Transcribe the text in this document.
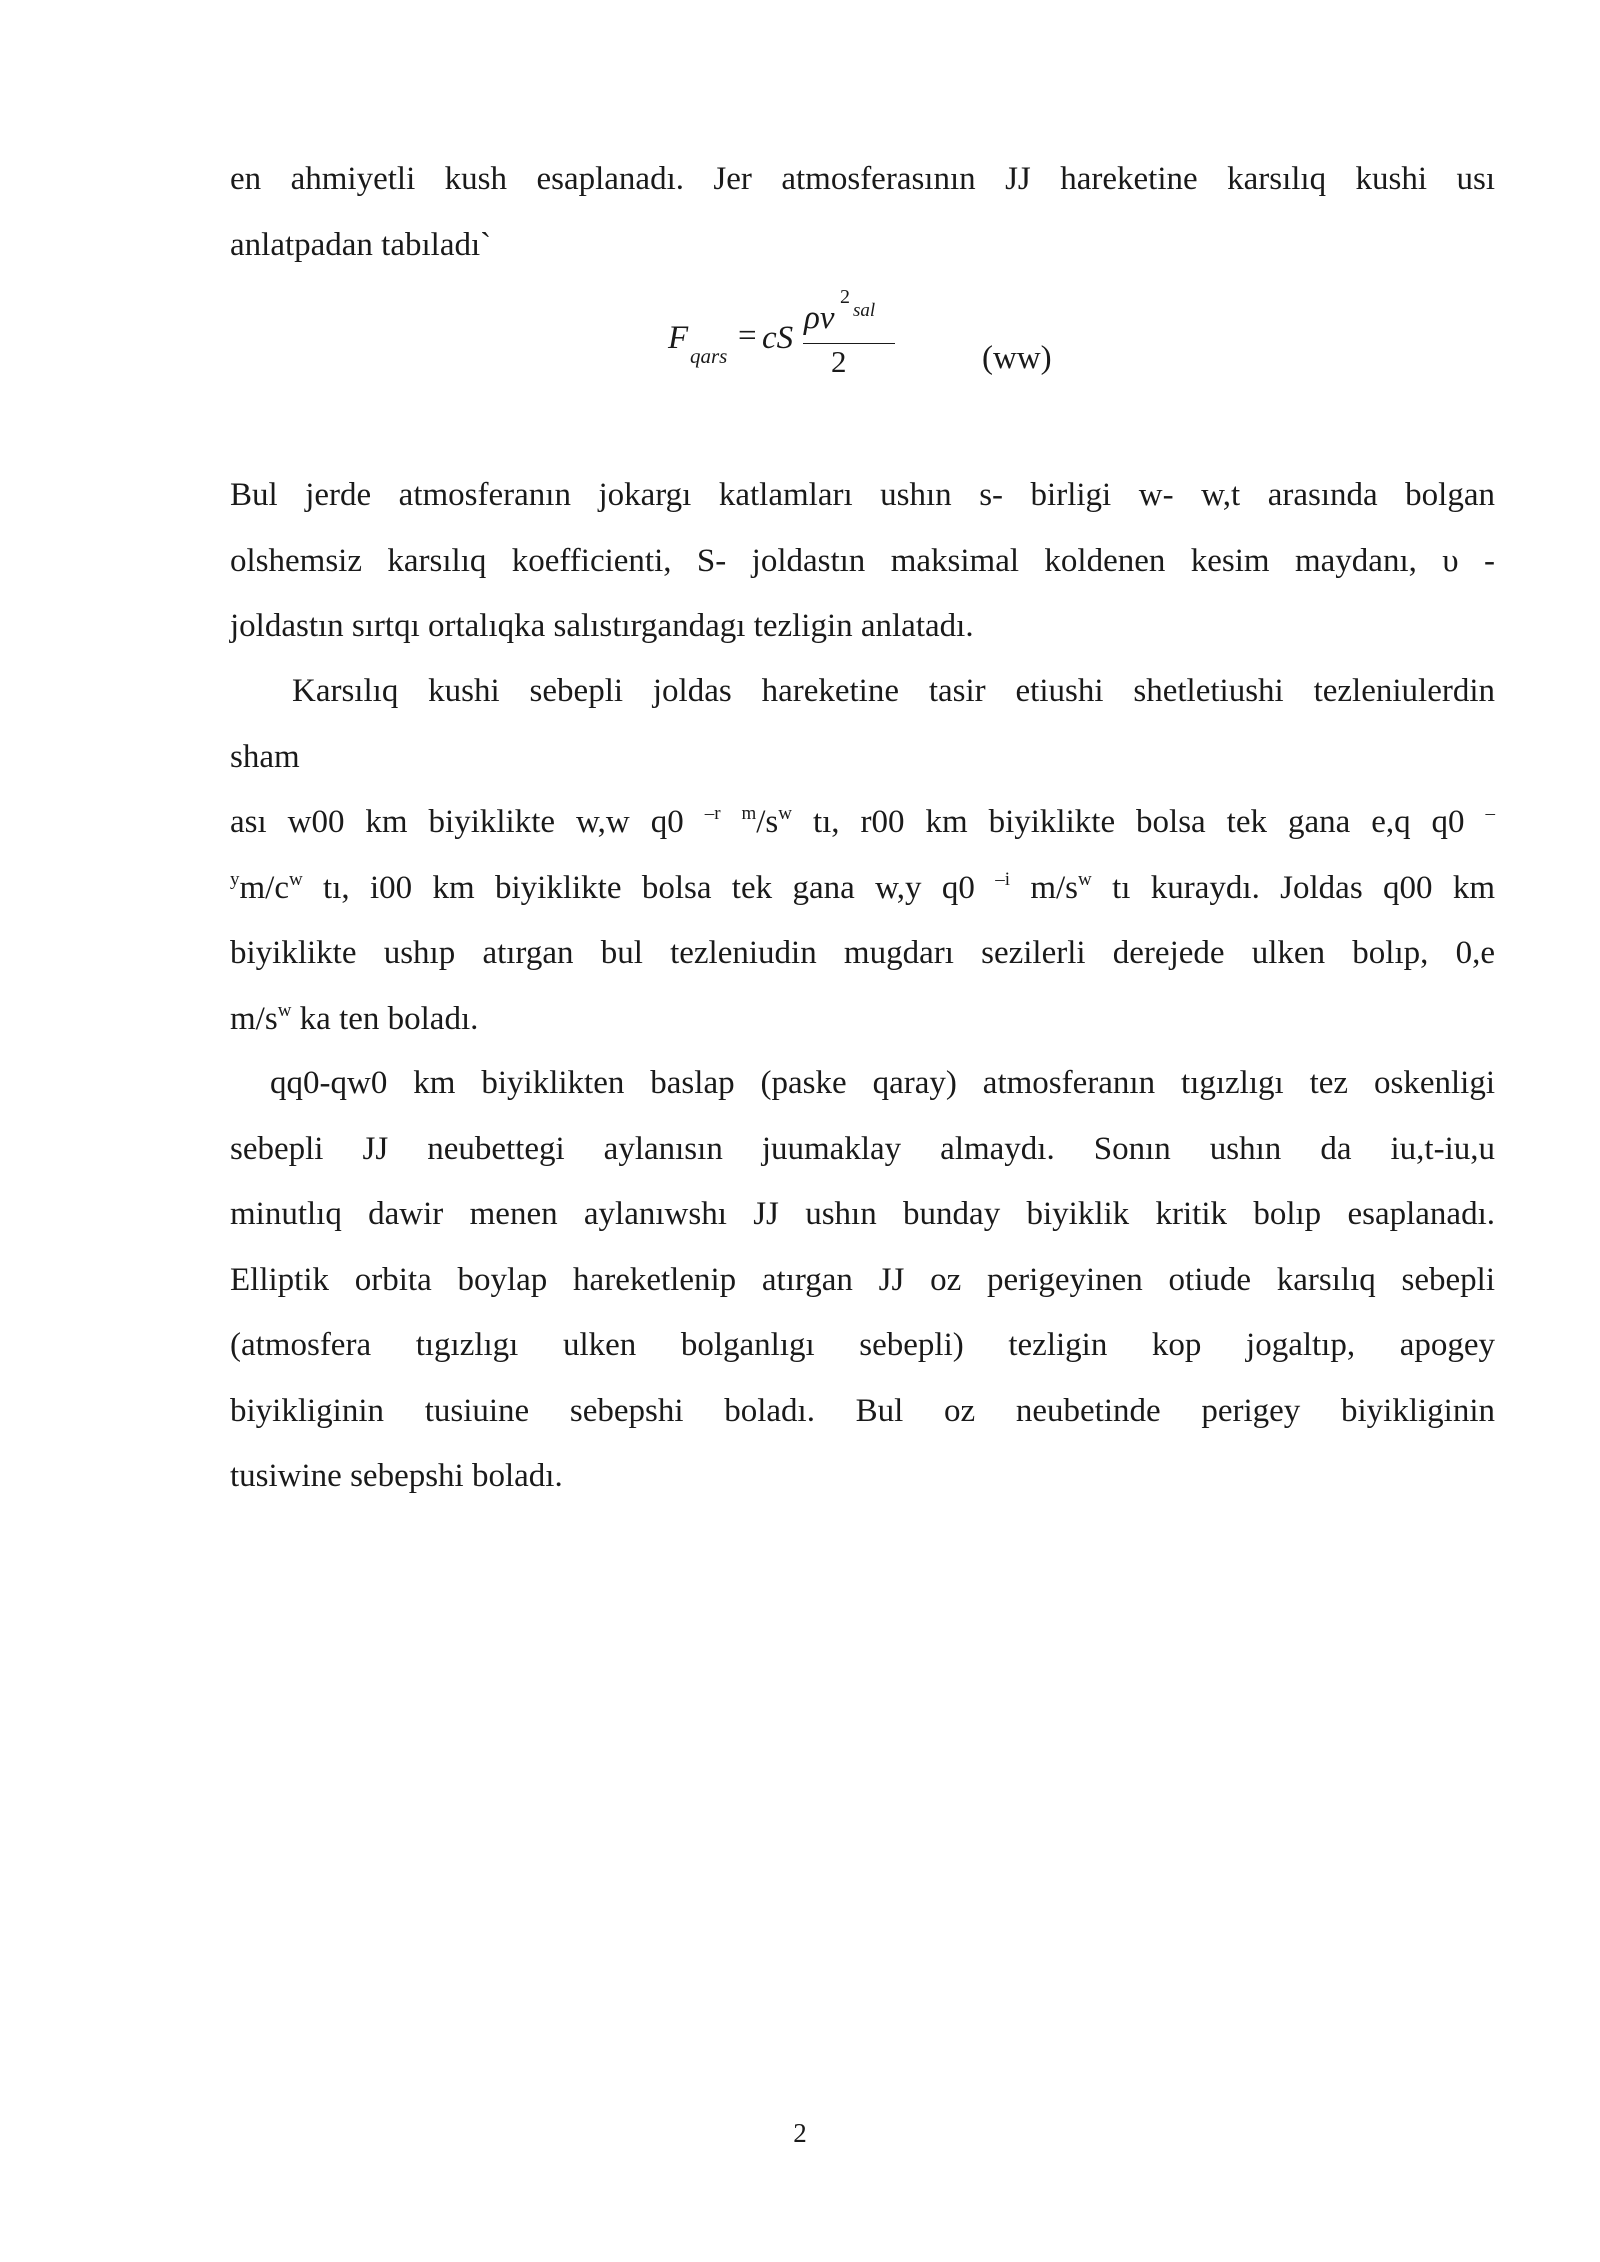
en ahmiyetli kush esaplanadı. Jer atmosferasının JJ hareketine karsılıq kushi usı
anlatpadan tabıladı`
F qars
= cS
ρv
2
sal
2	(ww)
Bul jerde atmosferanın jokargı katlamları ushın s- birligi w- w,t arasında bolgan
olshemsiz karsılıq koefficienti, S- joldastın maksimal koldenen kesim maydanı, υ -
joldastın sırtqı ortalıqka salıstırgandagı tezligin anlatadı.
Karsılıq kushi sebepli joldas hareketine tasir etiushi shetletiushi tezleniulerdin
sham
ası w00 km biyiklikte w,w q0 $^{-r}$ $^m/s^w$ tı, r00 km biyiklikte bolsa tek gana e,q q0 –
$^ym/c^w$ tı, i00 km biyiklikte bolsa tek gana w,y q0 $^{-i}$ $m/s^w$ tı kuraydı. Joldas q00 km
biyiklikte ushıp atırgan bul tezleniudin mugdarı sezilerli derejede ulken bolıp, 0,e
$m/s^w$ ka ten boladı.
qq0-qw0 km biyiklikten baslap (paske qaray) atmosferanın tıgızlıgı tez oskenligi
sebepli JJ neubettegi aylanısın juumaklay almaydı. Sonın ushın da iu,t-iu,u
minutlıq dawir menen aylanıwshı JJ ushın bunday biyiklik kritik bolıp esaplanadı.
Elliptik orbita boylap hareketlenip atırgan JJ oz perigeyinen otiude karsılıq sebepli
(atmosfera tıgızlıgı ulken bolganlıgı sebepli) tezligin kop jogaltıp, apogey
biyikliginin tusiuine sebepshi boladı. Bul oz neubetinde perigey biyikliginin
tusiwine sebepshi boladı.
2
